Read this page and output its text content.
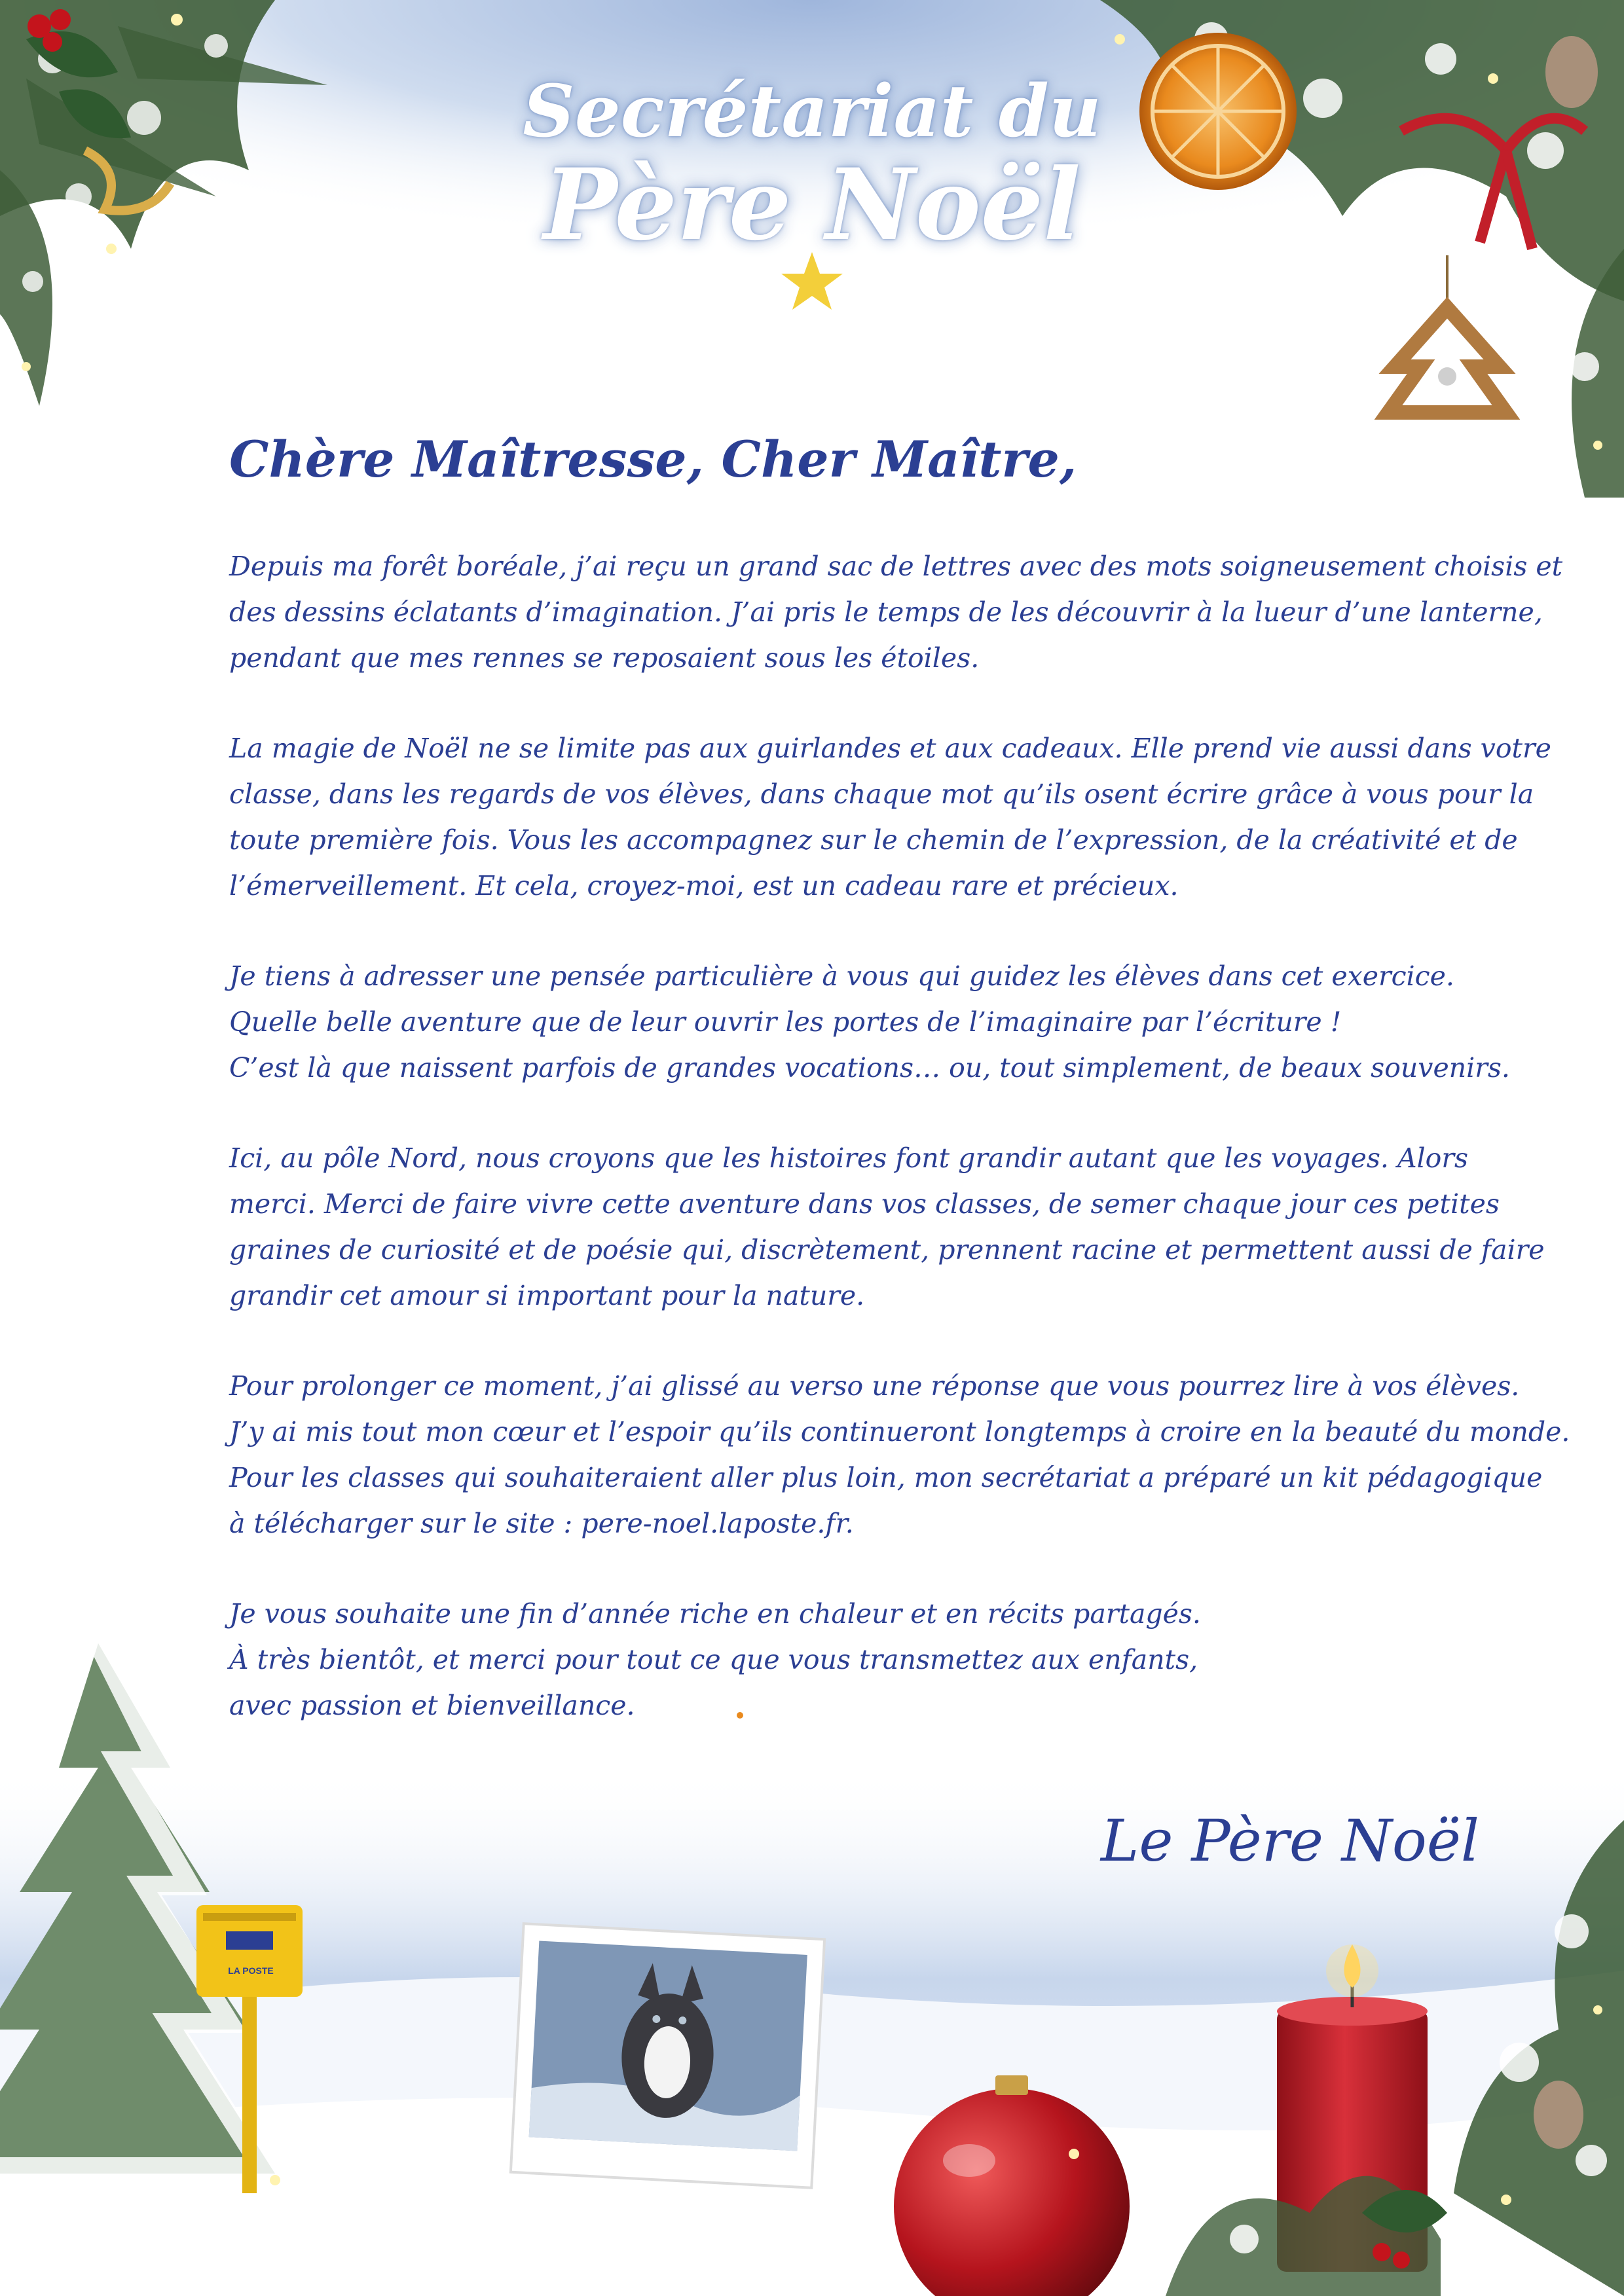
Secrétariat du
Père Noël
Chère Maîtresse, Cher Maître,
Depuis ma forêt boréale, j’ai reçu un grand sac de lettres avec des mots soigneusement choisis et
des dessins éclatants d’imagination. J’ai pris le temps de les découvrir à la lueur d’une lanterne,
pendant que mes rennes se reposaient sous les étoiles.
La magie de Noël ne se limite pas aux guirlandes et aux cadeaux. Elle prend vie aussi dans votre
classe, dans les regards de vos élèves, dans chaque mot qu’ils osent écrire grâce à vous pour la
toute première fois. Vous les accompagnez sur le chemin de l’expression, de la créativité et de
l’émerveillement. Et cela, croyez-moi, est un cadeau rare et précieux.
Je tiens à adresser une pensée particulière à vous qui guidez les élèves dans cet exercice.
Quelle belle aventure que de leur ouvrir les portes de l’imaginaire par l’écriture !
C’est là que naissent parfois de grandes vocations… ou, tout simplement, de beaux souvenirs.
Ici, au pôle Nord, nous croyons que les histoires font grandir autant que les voyages. Alors
merci. Merci de faire vivre cette aventure dans vos classes, de semer chaque jour ces petites
graines de curiosité et de poésie qui, discrètement, prennent racine et permettent aussi de faire
grandir cet amour si important pour la nature.
Pour prolonger ce moment, j’ai glissé au verso une réponse que vous pourrez lire à vos élèves.
J’y ai mis tout mon cœur et l’espoir qu’ils continueront longtemps à croire en la beauté du monde.
Pour les classes qui souhaiteraient aller plus loin, mon secrétariat a préparé un kit pédagogique
à télécharger sur le site : pere-noel.laposte.fr.
Je vous souhaite une fin d’année riche en chaleur et en récits partagés.
À très bientôt, et merci pour tout ce que vous transmettez aux enfants,
avec passion et bienveillance.
Le Père Noël
LA POSTE
